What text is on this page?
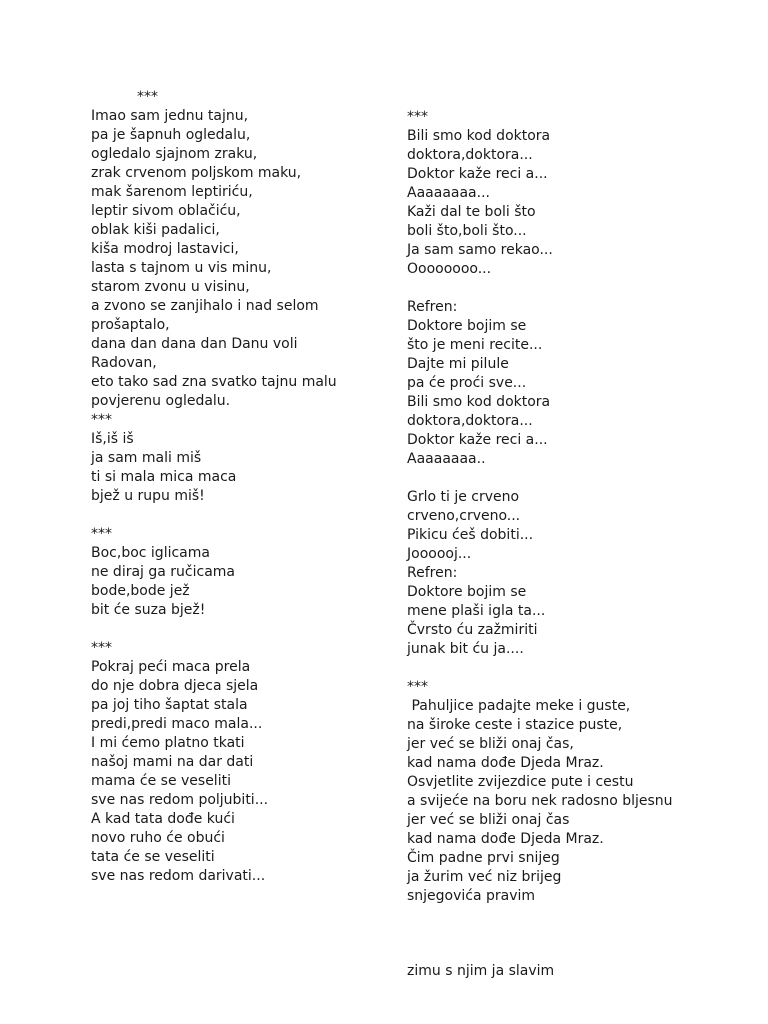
***
Imao sam jednu tajnu,
pa je šapnuh ogledalu,
ogledalo sjajnom zraku,
zrak crvenom poljskom maku,
mak šarenom leptiriću,
leptir sivom oblačiću,
oblak kiši padalici,
kiša modroj lastavici,
lasta s tajnom u vis minu,
starom zvonu u visinu,
a zvono se zanjihalo i nad selom
prošaptalo,
dana dan dana dan Danu voli
Radovan,
eto tako sad zna svatko tajnu malu
povjerenu ogledalu.
***
Iš,iš iš
ja sam mali miš
ti si mala mica maca
bjež u rupu miš!
***
Boc,boc iglicama
ne diraj ga ručicama
bode,bode jež
bit će suza bjež!
***
Pokraj peći maca prela
do nje dobra djeca sjela
pa joj tiho šaptat stala
predi,predi maco mala...
I mi ćemo platno tkati
našoj mami na dar dati
mama će se veseliti
sve nas redom poljubiti...
A kad tata dođe kući
novo ruho će obući
tata će se veseliti
sve nas redom darivati...
***
Bili smo kod doktora
doktora,doktora...
Doktor kaže reci a...
Aaaaaaaa...
Kaži dal te boli što
boli što,boli što...
Ja sam samo rekao...
Oooooooo...
Refren:
Doktore bojim se
što je meni recite...
Dajte mi pilule
pa će proći sve...
Bili smo kod doktora
doktora,doktora...
Doktor kaže reci a...
Aaaaaaaa..
Grlo ti je crveno
crveno,crveno...
Pikicu ćeš dobiti...
Joooooj...
Refren:
Doktore bojim se
mene plaši igla ta...
Čvrsto ću zažmiriti
junak bit ću ja....
***
Pahuljice padajte meke i guste,
na široke ceste i stazice puste,
jer već se bliži onaj čas,
kad nama dođe Djeda Mraz.
Osvjetlite zvijezdice pute i cestu
a svijeće na boru nek radosno bljesnu
jer već se bliži onaj čas
kad nama dođe Djeda Mraz.
Čim padne prvi snijeg
ja žurim već niz brijeg
snjegovića pravim
zimu s njim ja slavim
